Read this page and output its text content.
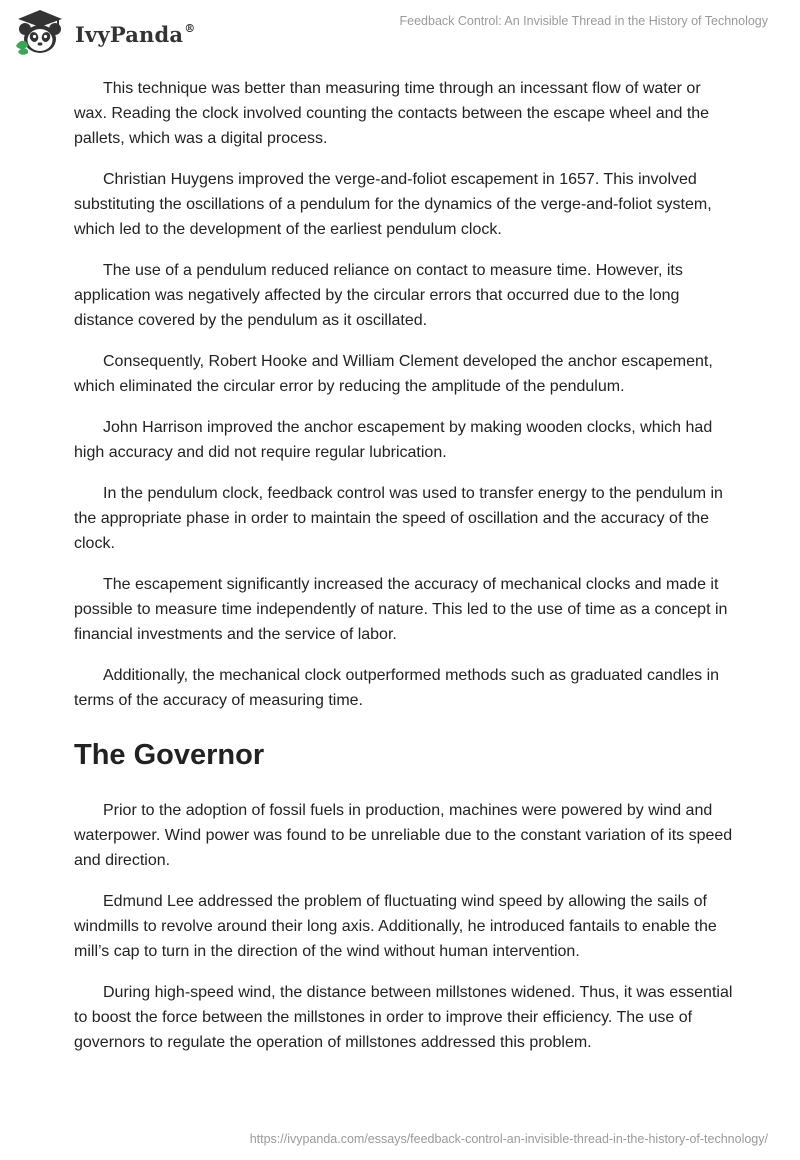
IvyPanda®	Feedback Control: An Invisible Thread in the History of Technology

This technique was better than measuring time through an incessant flow of water or wax. Reading the clock involved counting the contacts between the escape wheel and the pallets, which was a digital process.

Christian Huygens improved the verge-and-foliot escapement in 1657. This involved substituting the oscillations of a pendulum for the dynamics of the verge-and-foliot system, which led to the development of the earliest pendulum clock.

The use of a pendulum reduced reliance on contact to measure time. However, its application was negatively affected by the circular errors that occurred due to the long distance covered by the pendulum as it oscillated.

Consequently, Robert Hooke and William Clement developed the anchor escapement, which eliminated the circular error by reducing the amplitude of the pendulum.

John Harrison improved the anchor escapement by making wooden clocks, which had high accuracy and did not require regular lubrication.

In the pendulum clock, feedback control was used to transfer energy to the pendulum in the appropriate phase in order to maintain the speed of oscillation and the accuracy of the clock.

The escapement significantly increased the accuracy of mechanical clocks and made it possible to measure time independently of nature. This led to the use of time as a concept in financial investments and the service of labor.

Additionally, the mechanical clock outperformed methods such as graduated candles in terms of the accuracy of measuring time.

The Governor

Prior to the adoption of fossil fuels in production, machines were powered by wind and waterpower. Wind power was found to be unreliable due to the constant variation of its speed and direction.

Edmund Lee addressed the problem of fluctuating wind speed by allowing the sails of windmills to revolve around their long axis. Additionally, he introduced fantails to enable the mill’s cap to turn in the direction of the wind without human intervention.

During high-speed wind, the distance between millstones widened. Thus, it was essential to boost the force between the millstones in order to improve their efficiency. The use of governors to regulate the operation of millstones addressed this problem.

https://ivypanda.com/essays/feedback-control-an-invisible-thread-in-the-history-of-technology/
